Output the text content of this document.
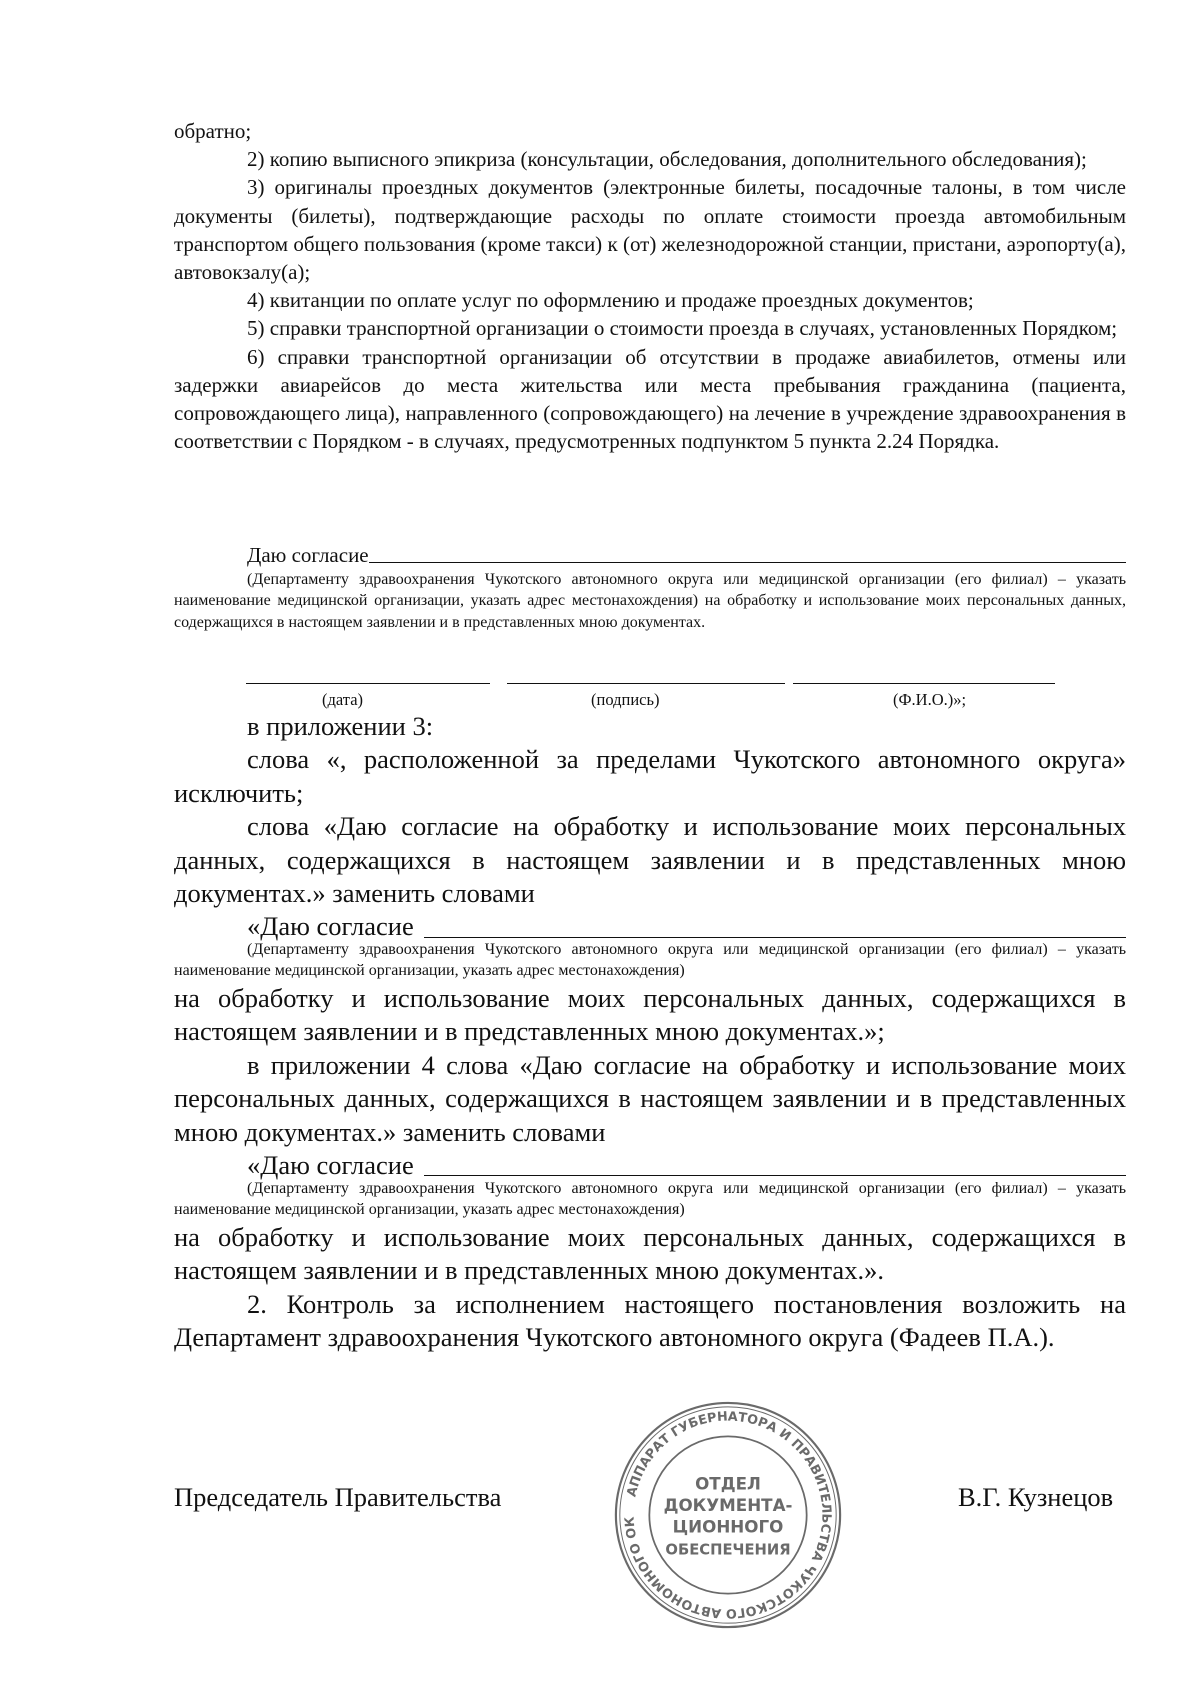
обратно;

2) копию выписного эпикриза (консультации, обследования, дополнительного обследования);

3) оригиналы проездных документов (электронные билеты, посадочные талоны, в том числе документы (билеты), подтверждающие расходы по оплате стоимости проезда автомобильным транспортом общего пользования (кроме такси) к (от) железнодорожной станции, пристани, аэропорту(а), автовокзалу(а);

4) квитанции по оплате услуг по оформлению и продаже проездных документов;

5) справки транспортной организации о стоимости проезда в случаях, установленных Порядком;

6) справки транспортной организации об отсутствии в продаже авиабилетов, отмены или задержки авиарейсов до места жительства или места пребывания гражданина (пациента, сопровождающего лица), направленного (сопровождающего) на лечение в учреждение здравоохранения в соответствии с Порядком - в случаях, предусмотренных подпунктом 5 пункта 2.24 Порядка.

Даю согласие

(Департаменту здравоохранения Чукотского автономного округа или медицинской организации (его филиал) – указать наименование медицинской организации, указать адрес местонахождения) на обработку и использование моих персональных данных, содержащихся в настоящем заявлении и в представленных мною документах.

(дата)	(подпись)	(Ф.И.О.)»;

в приложении 3:

слова «, расположенной за пределами Чукотского автономного округа» исключить;

слова «Даю согласие на обработку и использование моих персональных данных, содержащихся в настоящем заявлении и в представленных мною документах.» заменить словами

«Даю согласие

(Департаменту здравоохранения Чукотского автономного округа или медицинской организации (его филиал) – указать наименование медицинской организации, указать адрес местонахождения)

на обработку и использование моих персональных данных, содержащихся в настоящем заявлении и в представленных мною документах.»;

в приложении 4 слова «Даю согласие на обработку и использование моих персональных данных, содержащихся в настоящем заявлении и в представленных мною документах.» заменить словами

«Даю согласие

(Департаменту здравоохранения Чукотского автономного округа или медицинской организации (его филиал) – указать наименование медицинской организации, указать адрес местонахождения)

на обработку и использование моих персональных данных, содержащихся в настоящем заявлении и в представленных мною документах.».

2. Контроль за исполнением настоящего постановления возложить на Департамент здравоохранения Чукотского автономного округа (Фадеев П.А.).

Председатель Правительства	В.Г. Кузнецов
АППАРАТ ГУБЕРНАТОРА И ПРАВИТЕЛЬСТВА ЧУКОТСКОГО АВТОНОМНОГО ОК
ОТДЕЛ
ДОКУМЕНТА-
ЦИОННОГО
ОБЕСПЕЧЕНИЯ
